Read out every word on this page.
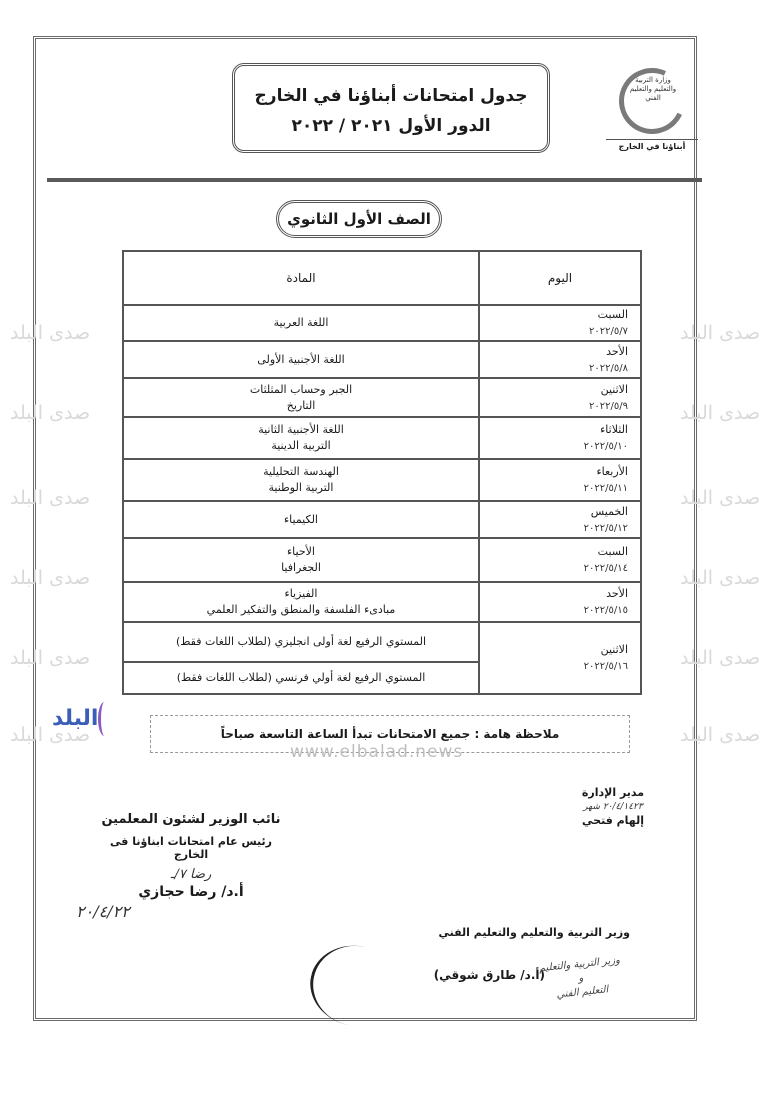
وزارة التربية والتعليم والتعليم الفني
أبناؤنا في الخارج
جدول امتحانات أبناؤنا في الخارج
الدور الأول ٢٠٢١ / ٢٠٢٢
الصف الأول الثانوي
اليوم	المادة

السبت
٢٠٢٢/٥/٧	اللغة العربية

الأحد
٢٠٢٢/٥/٨	اللغة الأجنبية الأولى

الاثنين
٢٠٢٢/٥/٩	الجبر وحساب المثلثات
التاريخ

الثلاثاء
٢٠٢٢/٥/١٠	اللغة الأجنبية الثانية
التربية الدينية

الأربعاء
٢٠٢٢/٥/١١	الهندسة التحليلية
التربية الوطنية

الخميس
٢٠٢٢/٥/١٢	الكيمياء

السبت
٢٠٢٢/٥/١٤	الأحياء
الجغرافيا

الأحد
٢٠٢٢/٥/١٥	الفيزياء
مبادىء الفلسفة والمنطق والتفكير العلمي

الاثنين
٢٠٢٢/٥/١٦	المستوي الرفيع لغة أولى انجليزي (لطلاب اللغات فقط)

	المستوي الرفيع لغة أولي فرنسي (لطلاب اللغات فقط)
صدى البلد	صدى البلد
صدى البلد	صدى البلد
صدى البلد	صدى البلد
صدى البلد	صدى البلد
صدى البلد	صدى البلد
صدى البلد	صدى البلد
البلد
ملاحظة هامة : جميع الامتحانات تبدأ الساعة التاسعة صباحاً
www.elbalad.news
مدير الإدارة
٢٠/٤/١٤٢٣ شهر
إلهام فتحي
نائب الوزير لشئون المعلمين
رئيس عام امتحانات ابناؤنا فى الخارج
رضا ٧/ـ
أ.د/ رضا حجازي
٢٠/٤/٢٢
وزير التربية والتعليم والتعليم الفني
(أ.د/ طارق شوقي)
وزير التربية والتعليم
و
التعليم الفني
